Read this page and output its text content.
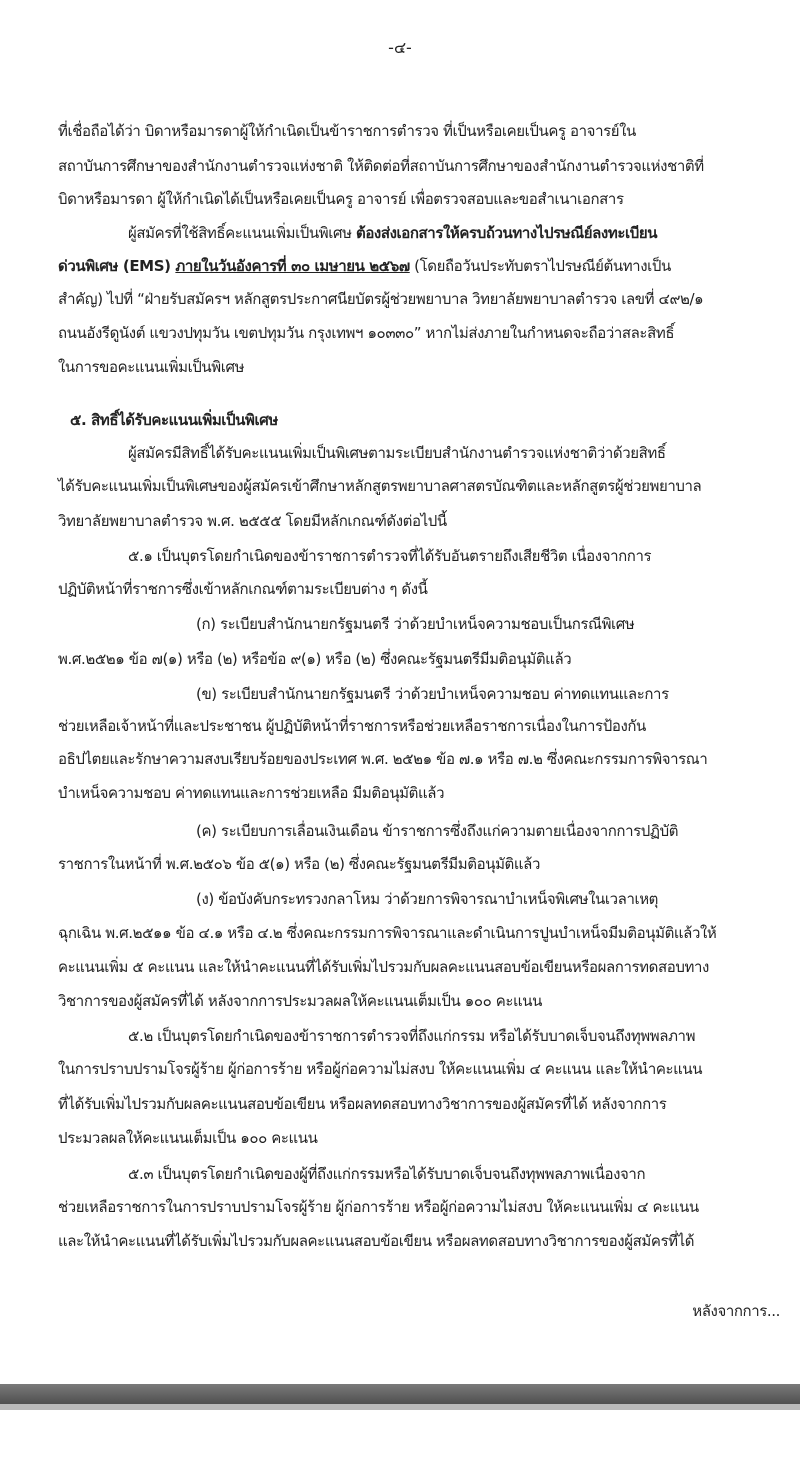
-๔-
ที่เชื่อถือได้ว่า บิดาหรือมารดาผู้ให้กำเนิดเป็นข้าราชการตำรวจ ที่เป็นหรือเคยเป็นครู อาจารย์ใน
สถาบันการศึกษาของสำนักงานตำรวจแห่งชาติ ให้ติดต่อที่สถาบันการศึกษาของสำนักงานตำรวจแห่งชาติที่
บิดาหรือมารดา ผู้ให้กำเนิดได้เป็นหรือเคยเป็นครู อาจารย์ เพื่อตรวจสอบและขอสำเนาเอกสาร
ผู้สมัครที่ใช้สิทธิ์คะแนนเพิ่มเป็นพิเศษ ต้องส่งเอกสารให้ครบถ้วนทางไปรษณีย์ลงทะเบียน
ด่วนพิเศษ (EMS) ภายในวันอังคารที่ ๓๐ เมษายน ๒๕๖๗ (โดยถือวันประทับตราไปรษณีย์ต้นทางเป็น
สำคัญ) ไปที่ “ฝ่ายรับสมัครฯ หลักสูตรประกาศนียบัตรผู้ช่วยพยาบาล วิทยาลัยพยาบาลตำรวจ เลขที่ ๔๙๒/๑
ถนนอังรีดูนังต์ แขวงปทุมวัน เขตปทุมวัน กรุงเทพฯ ๑๐๓๓๐” หากไม่ส่งภายในกำหนดจะถือว่าสละสิทธิ์
ในการขอคะแนนเพิ่มเป็นพิเศษ
๕. สิทธิ์ได้รับคะแนนเพิ่มเป็นพิเศษ
ผู้สมัครมีสิทธิ์ได้รับคะแนนเพิ่มเป็นพิเศษตามระเบียบสำนักงานตำรวจแห่งชาติว่าด้วยสิทธิ์
ได้รับคะแนนเพิ่มเป็นพิเศษของผู้สมัครเข้าศึกษาหลักสูตรพยาบาลศาสตรบัณฑิตและหลักสูตรผู้ช่วยพยาบาล
วิทยาลัยพยาบาลตำรวจ พ.ศ. ๒๕๕๕ โดยมีหลักเกณฑ์ดังต่อไปนี้
๕.๑ เป็นบุตรโดยกำเนิดของข้าราชการตำรวจที่ได้รับอันตรายถึงเสียชีวิต เนื่องจากการ
ปฏิบัติหน้าที่ราชการซึ่งเข้าหลักเกณฑ์ตามระเบียบต่าง ๆ ดังนี้
(ก) ระเบียบสำนักนายกรัฐมนตรี ว่าด้วยบำเหน็จความชอบเป็นกรณีพิเศษ
พ.ศ.๒๕๒๑ ข้อ ๗(๑) หรือ (๒) หรือข้อ ๙(๑) หรือ (๒) ซึ่งคณะรัฐมนตรีมีมติอนุมัติแล้ว
(ข) ระเบียบสำนักนายกรัฐมนตรี ว่าด้วยบำเหน็จความชอบ ค่าทดแทนและการ
ช่วยเหลือเจ้าหน้าที่และประชาชน ผู้ปฏิบัติหน้าที่ราชการหรือช่วยเหลือราชการเนื่องในการป้องกัน
อธิปไตยและรักษาความสงบเรียบร้อยของประเทศ พ.ศ. ๒๕๒๑ ข้อ ๗.๑ หรือ ๗.๒ ซึ่งคณะกรรมการพิจารณา
บำเหน็จความชอบ ค่าทดแทนและการช่วยเหลือ มีมติอนุมัติแล้ว
(ค) ระเบียบการเลื่อนเงินเดือน ข้าราชการซึ่งถึงแก่ความตายเนื่องจากการปฏิบัติ
ราชการในหน้าที่ พ.ศ.๒๕๐๖ ข้อ ๕(๑) หรือ (๒) ซึ่งคณะรัฐมนตรีมีมติอนุมัติแล้ว
(ง) ข้อบังคับกระทรวงกลาโหม ว่าด้วยการพิจารณาบำเหน็จพิเศษในเวลาเหตุ
ฉุกเฉิน พ.ศ.๒๕๑๑ ข้อ ๔.๑ หรือ ๔.๒ ซึ่งคณะกรรมการพิจารณาและดำเนินการปูนบำเหน็จมีมติอนุมัติแล้วให้
คะแนนเพิ่ม ๕ คะแนน และให้นำคะแนนที่ได้รับเพิ่มไปรวมกับผลคะแนนสอบข้อเขียนหรือผลการทดสอบทาง
วิชาการของผู้สมัครที่ได้ หลังจากการประมวลผลให้คะแนนเต็มเป็น ๑๐๐ คะแนน
๕.๒ เป็นบุตรโดยกำเนิดของข้าราชการตำรวจที่ถึงแก่กรรม หรือได้รับบาดเจ็บจนถึงทุพพลภาพ
ในการปราบปรามโจรผู้ร้าย ผู้ก่อการร้าย หรือผู้ก่อความไม่สงบ ให้คะแนนเพิ่ม ๔ คะแนน และให้นำคะแนน
ที่ได้รับเพิ่มไปรวมกับผลคะแนนสอบข้อเขียน หรือผลทดสอบทางวิชาการของผู้สมัครที่ได้ หลังจากการ
ประมวลผลให้คะแนนเต็มเป็น ๑๐๐ คะแนน
๕.๓ เป็นบุตรโดยกำเนิดของผู้ที่ถึงแก่กรรมหรือได้รับบาดเจ็บจนถึงทุพพลภาพเนื่องจาก
ช่วยเหลือราชการในการปราบปรามโจรผู้ร้าย ผู้ก่อการร้าย หรือผู้ก่อความไม่สงบ ให้คะแนนเพิ่ม ๔ คะแนน
และให้นำคะแนนที่ได้รับเพิ่มไปรวมกับผลคะแนนสอบข้อเขียน หรือผลทดสอบทางวิชาการของผู้สมัครที่ได้
หลังจากการ...
